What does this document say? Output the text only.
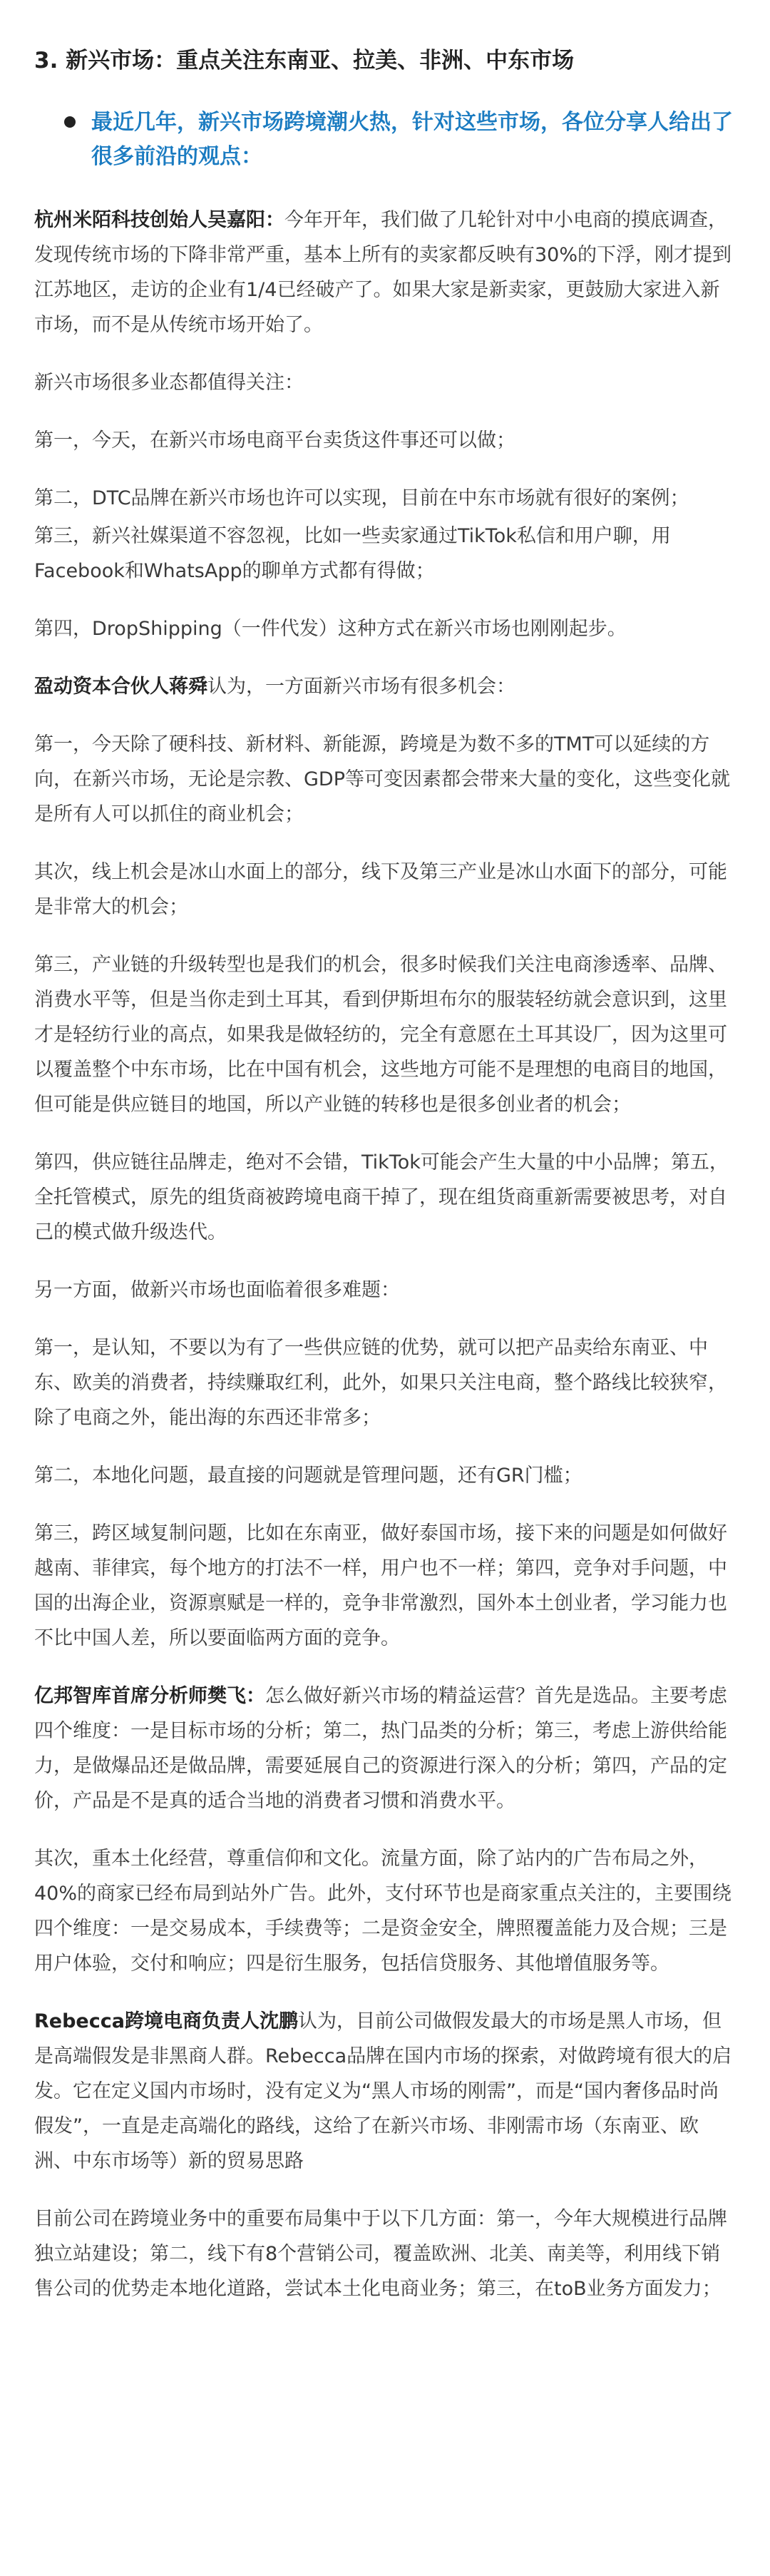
3. 新兴市场：重点关注东南亚、拉美、非洲、中东市场
最近几年，新兴市场跨境潮火热，针对这些市场，各位分享人给出了很多前沿的观点：

杭州米陌科技创始人吴嘉阳：今年开年，我们做了几轮针对中小电商的摸底调查，发现传统市场的下降非常严重，基本上所有的卖家都反映有30%的下浮，刚才提到江苏地区，走访的企业有1/4已经破产了。如果大家是新卖家，更鼓励大家进入新市场，而不是从传统市场开始了。

新兴市场很多业态都值得关注：

第一，今天，在新兴市场电商平台卖货这件事还可以做；

第二，DTC品牌在新兴市场也许可以实现，目前在中东市场就有很好的案例；

第三，新兴社媒渠道不容忽视，比如一些卖家通过TikTok私信和用户聊，用Facebook和WhatsApp的聊单方式都有得做；

第四，DropShipping（一件代发）这种方式在新兴市场也刚刚起步。

盈动资本合伙人蒋舜认为，一方面新兴市场有很多机会：

第一，今天除了硬科技、新材料、新能源，跨境是为数不多的TMT可以延续的方向，在新兴市场，无论是宗教、GDP等可变因素都会带来大量的变化，这些变化就是所有人可以抓住的商业机会；

其次，线上机会是冰山水面上的部分，线下及第三产业是冰山水面下的部分，可能是非常大的机会；

第三，产业链的升级转型也是我们的机会，很多时候我们关注电商渗透率、品牌、消费水平等，但是当你走到土耳其，看到伊斯坦布尔的服装轻纺就会意识到，这里才是轻纺行业的高点，如果我是做轻纺的，完全有意愿在土耳其设厂，因为这里可以覆盖整个中东市场，比在中国有机会，这些地方可能不是理想的电商目的地国，但可能是供应链目的地国，所以产业链的转移也是很多创业者的机会；

第四，供应链往品牌走，绝对不会错，TikTok可能会产生大量的中小品牌；第五，全托管模式，原先的组货商被跨境电商干掉了，现在组货商重新需要被思考，对自己的模式做升级迭代。

另一方面，做新兴市场也面临着很多难题：

第一，是认知，不要以为有了一些供应链的优势，就可以把产品卖给东南亚、中东、欧美的消费者，持续赚取红利，此外，如果只关注电商，整个路线比较狭窄，除了电商之外，能出海的东西还非常多；

第二，本地化问题，最直接的问题就是管理问题，还有GR门槛；

第三，跨区域复制问题，比如在东南亚，做好泰国市场，接下来的问题是如何做好越南、菲律宾，每个地方的打法不一样，用户也不一样；第四，竞争对手问题，中国的出海企业，资源禀赋是一样的，竞争非常激烈，国外本土创业者，学习能力也不比中国人差，所以要面临两方面的竞争。

亿邦智库首席分析师樊飞：怎么做好新兴市场的精益运营？首先是选品。主要考虑四个维度：一是目标市场的分析；第二，热门品类的分析；第三，考虑上游供给能力，是做爆品还是做品牌，需要延展自己的资源进行深入的分析；第四，产品的定价，产品是不是真的适合当地的消费者习惯和消费水平。

其次，重本土化经营，尊重信仰和文化。流量方面，除了站内的广告布局之外，40%的商家已经布局到站外广告。此外，支付环节也是商家重点关注的，主要围绕四个维度：一是交易成本，手续费等；二是资金安全，牌照覆盖能力及合规；三是用户体验，交付和响应；四是衍生服务，包括信贷服务、其他增值服务等。

Rebecca跨境电商负责人沈鹏认为，目前公司做假发最大的市场是黑人市场，但是高端假发是非黑商人群。Rebecca品牌在国内市场的探索，对做跨境有很大的启发。它在定义国内市场时，没有定义为“黑人市场的刚需”，而是“国内奢侈品时尚假发”，一直是走高端化的路线，这给了在新兴市场、非刚需市场（东南亚、欧洲、中东市场等）新的贸易思路

目前公司在跨境业务中的重要布局集中于以下几方面：第一，今年大规模进行品牌独立站建设；第二，线下有8个营销公司，覆盖欧洲、北美、南美等，利用线下销售公司的优势走本地化道路，尝试本土化电商业务；第三，在toB业务方面发力；
